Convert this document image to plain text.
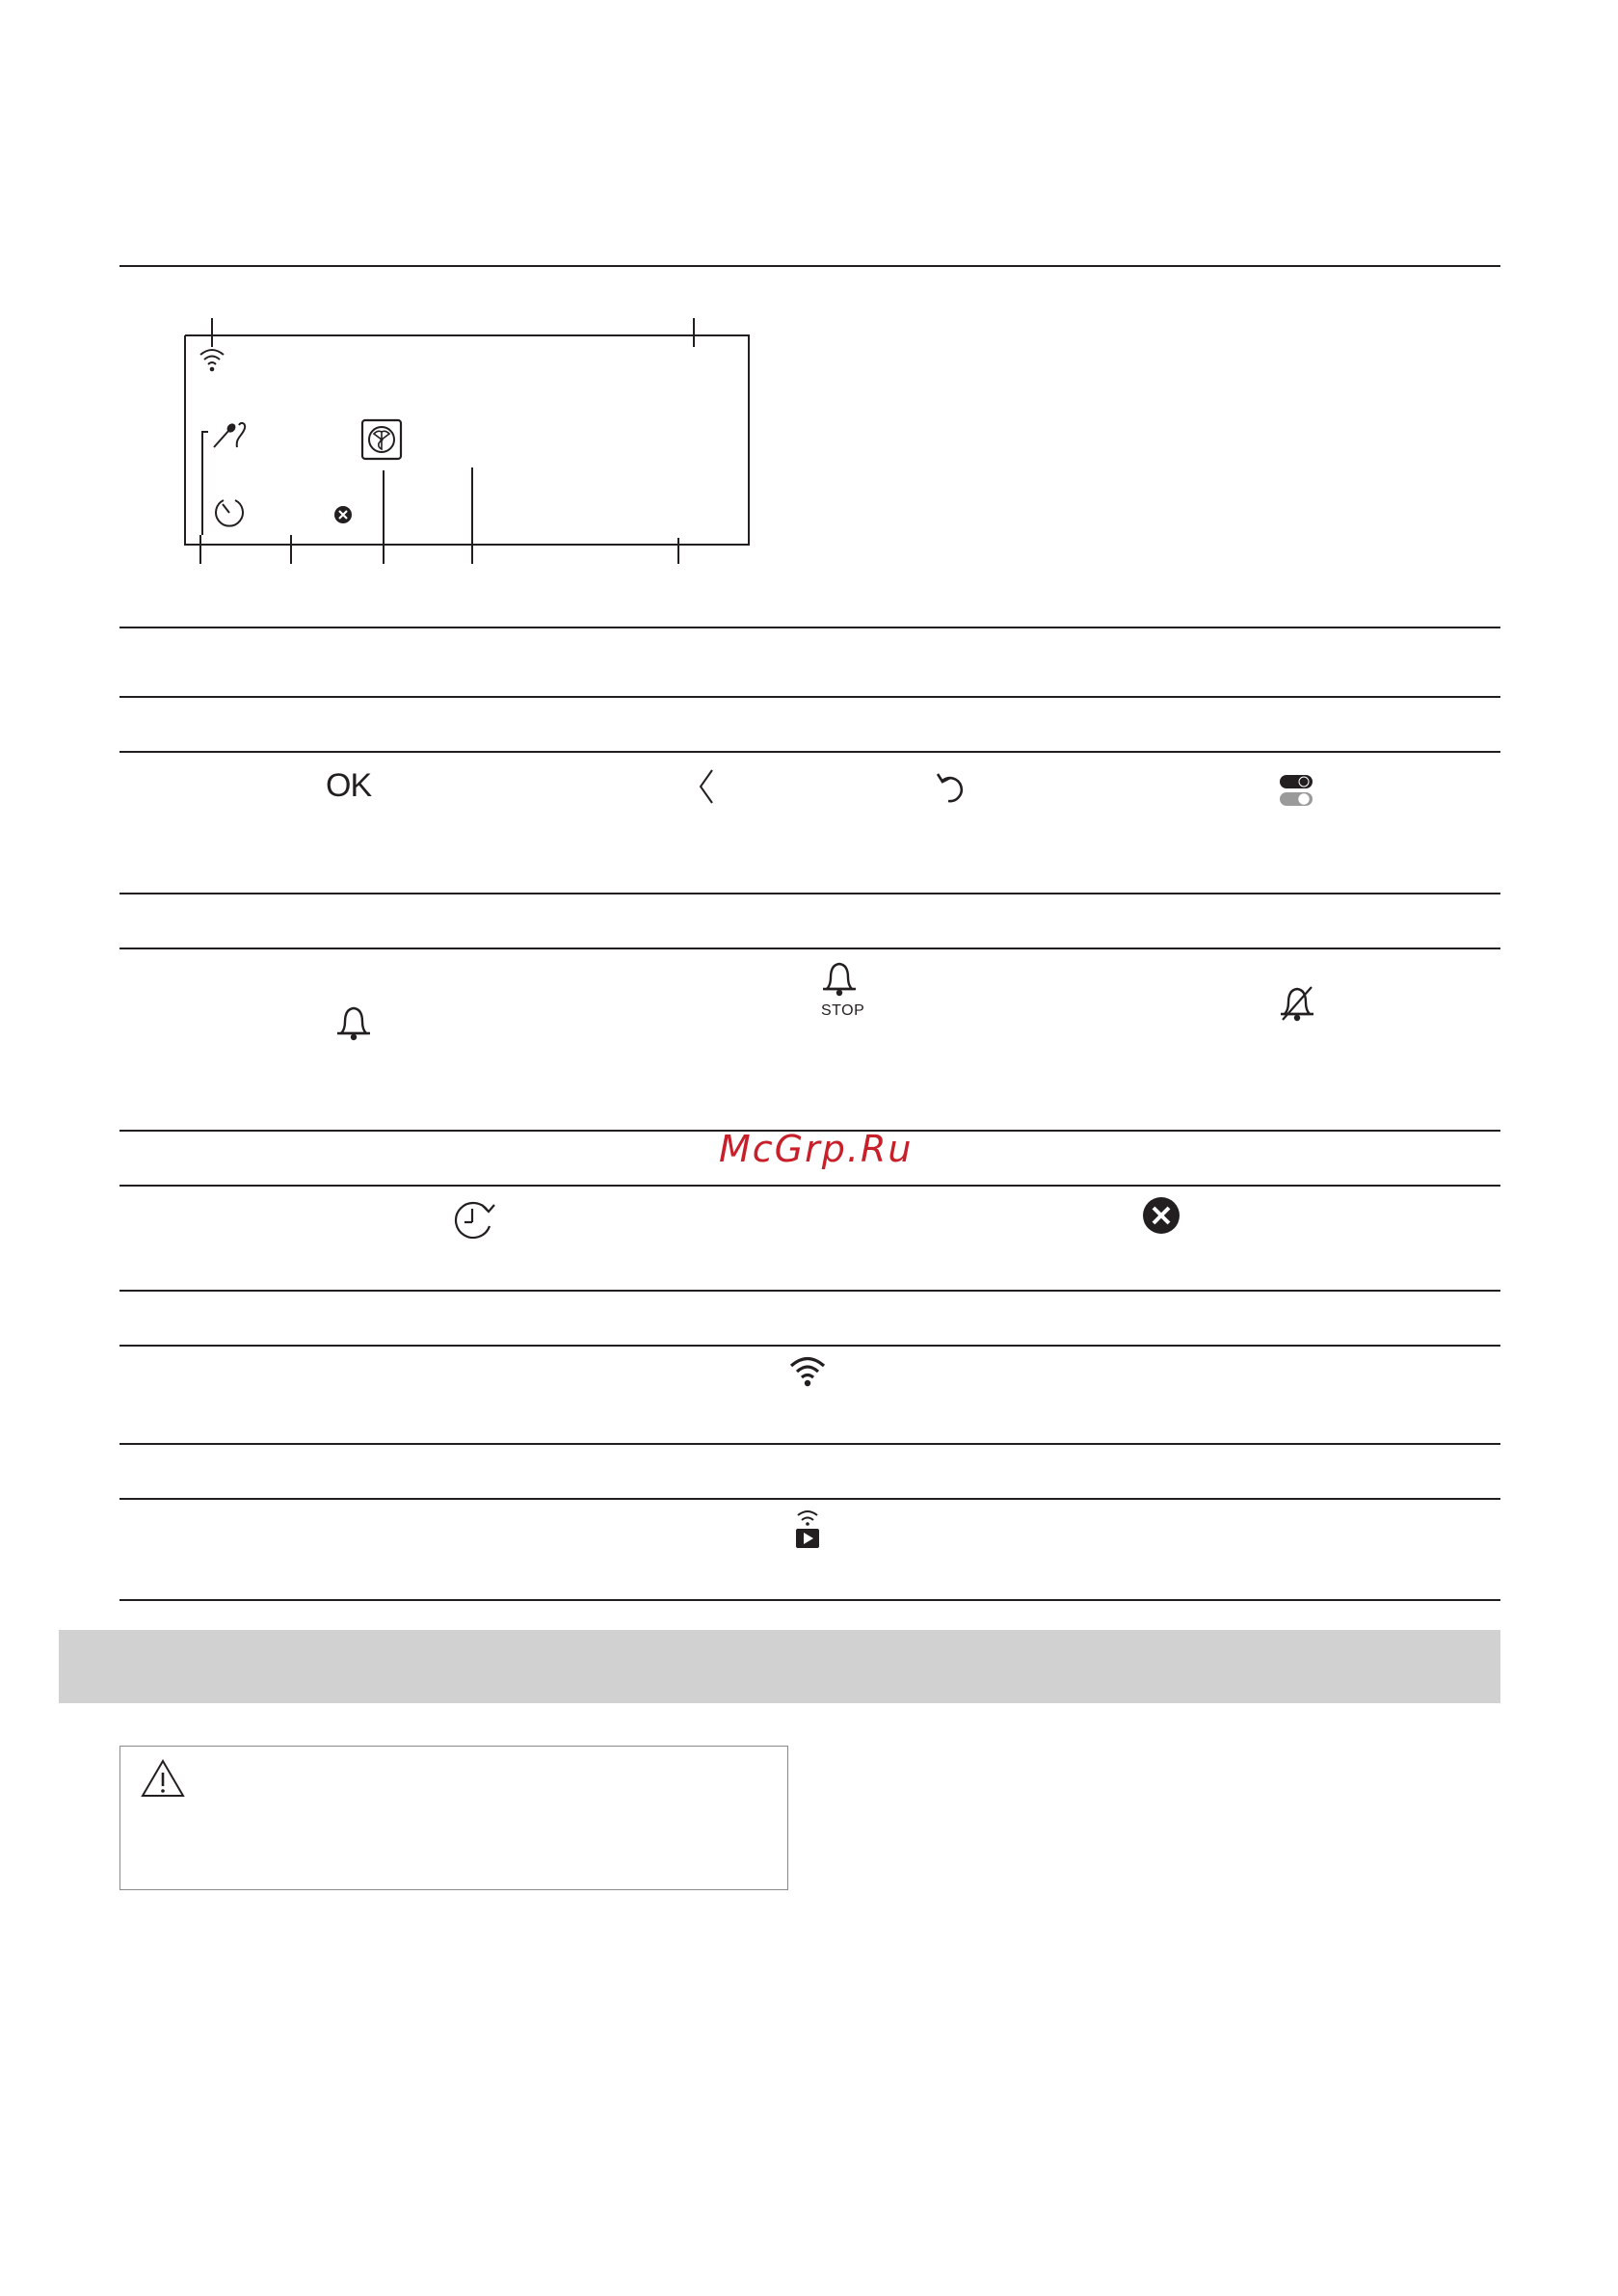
OK
STOP
McGrp.Ru
